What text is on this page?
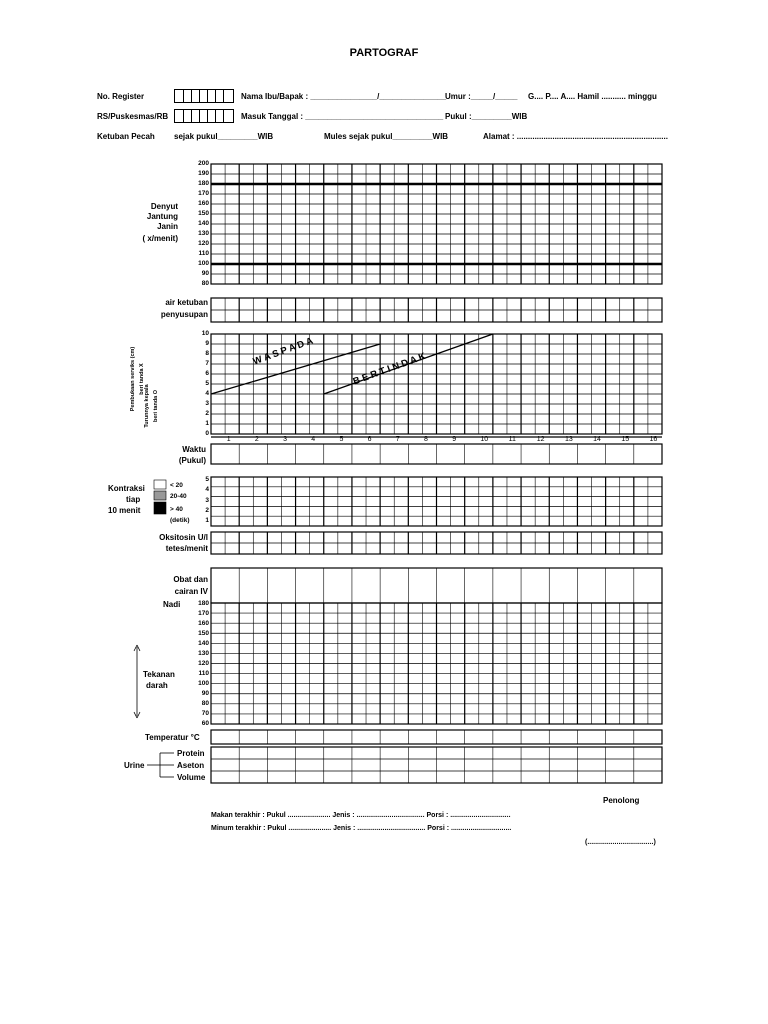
PARTOGRAF
No. Register	Nama Ibu/Bapak : _______________/_______________
Umur :_____/_____ G.... P.... A.... Hamil ........... minggu
RS/Puskesmas/RB	Masuk Tanggal : _______________________________ Pukul :_________WIB
Ketuban Pecah sejak pukul_________WIB	Mules sejak pukul_________WIB	Alamat : ....................................................................
Denyut
Jantung
Janin
( x/menit)
200
190
180
170
160
150
140
130
120
110
100
90
80
air ketuban
penyusupan
Pembukaan serviks (cm) beri tanda X
Turunnya kepala beri tanda O
10
9
8
7
6
5
4
3
2
1
0
1	2	3	4	5	6	7	8	9	10	11	12	13	14	15	16
W A S P A D A	B E R T I N D A K
Waktu
(Pukul)
Kontraksi
tiap
10 menit
< 20
20-40
> 40
(detik)
5
4
3
2
1
Oksitosin U/l
tetes/menit
Obat dan
cairan IV
Nadi
Tekanan
darah
180
170
160
150
140
130
120
110
100
90
80
70
60
Temperatur °C
Urine
Protein
Aseton
Volume
Penolong
Makan terakhir : Pukul ...................... Jenis : ................................... Porsi : ...............................
Minum terakhir : Pukul ...................... Jenis : ................................... Porsi : ...............................
(..................................)
